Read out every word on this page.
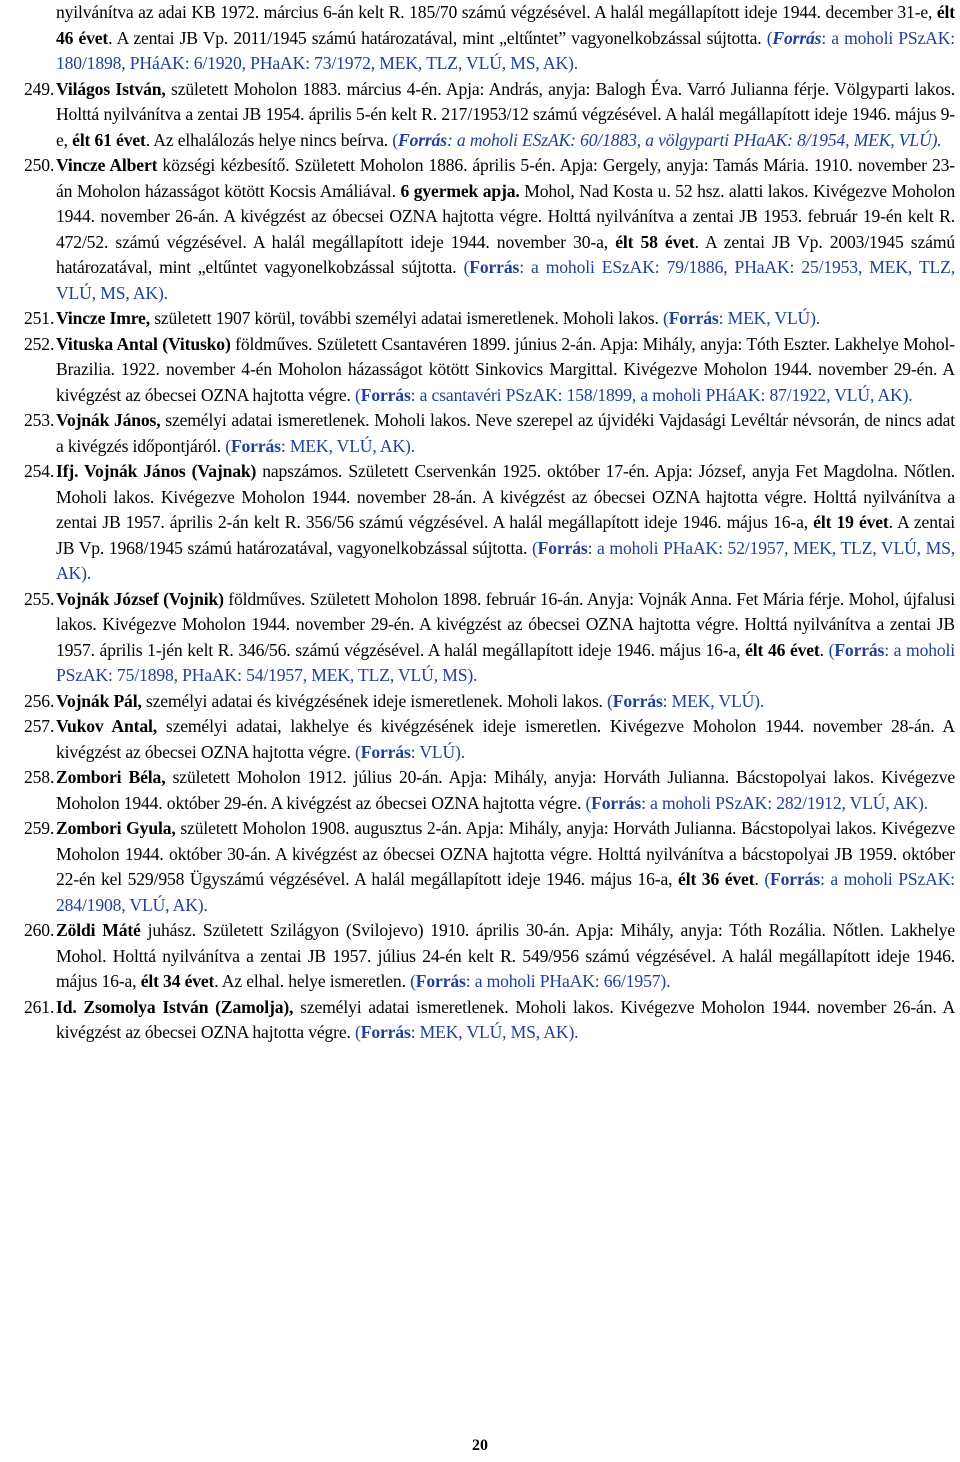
nyilvánítva az adai KB 1972. március 6-án kelt R. 185/70 számú végzésével. A halál megállapított ideje 1944. december 31-e, élt 46 évet. A zentai JB Vp. 2011/1945 számú határozatával, mint „eltűntet” vagyonelkobzással sújtotta. (Forrás: a moholi PSzAK: 180/1898, PHáAK: 6/1920, PHaAK: 73/1972, MEK, TLZ, VLÚ, MS, AK).
249. Világos István, született Moholon 1883. március 4-én. Apja: András, anyja: Balogh Éva. Varró Julianna férje. Völgyparti lakos. Holttá nyilvánítva a zentai JB 1954. április 5-én kelt R. 217/1953/12 számú végzésével. A halál megállapított ideje 1946. május 9-e, élt 61 évet. Az elhalálozás helye nincs beírva. (Forrás: a moholi ESzAK: 60/1883, a völgyparti PHaAK: 8/1954, MEK, VLÚ).
250. Vincze Albert községi kézbesítő. Született Moholon 1886. április 5-én. Apja: Gergely, anyja: Tamás Mária. 1910. november 23-án Moholon házasságot kötött Kocsis Amáliával. 6 gyermek apja. Mohol, Nad Kosta u. 52 hsz. alatti lakos. Kivégezve Moholon 1944. november 26-án. A kivégzést az óbecsei OZNA hajtotta végre. Holttá nyilvánítva a zentai JB 1953. február 19-én kelt R. 472/52. számú végzésével. A halál megállapított ideje 1944. november 30-a, élt 58 évet. A zentai JB Vp. 2003/1945 számú határozatával, mint „eltűntet vagyonelkobzással sújtotta. (Forrás: a moholi ESzAK: 79/1886, PHaAK: 25/1953, MEK, TLZ, VLÚ, MS, AK).
251. Vincze Imre, született 1907 körül, további személyi adatai ismeretlenek. Moholi lakos. (Forrás: MEK, VLÚ).
252. Vituska Antal (Vitusko) földműves. Született Csantavéren 1899. június 2-án. Apja: Mihály, anyja: Tóth Eszter. Lakhelye Mohol-Brazilia. 1922. november 4-én Moholon házasságot kötött Sinkovics Margittal. Kivégezve Moholon 1944. november 29-én. A kivégzést az óbecsei OZNA hajtotta végre. (Forrás: a csantavéri PSzAK: 158/1899, a moholi PHáAK: 87/1922, VLÚ, AK).
253. Vojnák János, személyi adatai ismeretlenek. Moholi lakos. Neve szerepel az újvidéki Vajdasági Levéltár névsorán, de nincs adat a kivégzés időpontjáról. (Forrás: MEK, VLÚ, AK).
254. Ifj. Vojnák János (Vajnak) napszámos. Született Cservenkán 1925. október 17-én. Apja: József, anyja Fet Magdolna. Nőtlen. Moholi lakos. Kivégezve Moholon 1944. november 28-án. A kivégzést az óbecsei OZNA hajtotta végre. Holttá nyilvánítva a zentai JB 1957. április 2-án kelt R. 356/56 számú végzésével. A halál megállapított ideje 1946. május 16-a, élt 19 évet. A zentai JB Vp. 1968/1945 számú határozatával, vagyonelkobzással sújtotta. (Forrás: a moholi PHaAK: 52/1957, MEK, TLZ, VLÚ, MS, AK).
255. Vojnák József (Vojnik) földműves. Született Moholon 1898. február 16-án. Anyja: Vojnák Anna. Fet Mária férje. Mohol, újfalusi lakos. Kivégezve Moholon 1944. november 29-én. A kivégzést az óbecsei OZNA hajtotta végre. Holttá nyilvánítva a zentai JB 1957. április 1-jén kelt R. 346/56. számú végzésével. A halál megállapított ideje 1946. május 16-a, élt 46 évet. (Forrás: a moholi PSzAK: 75/1898, PHaAK: 54/1957, MEK, TLZ, VLÚ, MS).
256. Vojnák Pál, személyi adatai és kivégzésének ideje ismeretlenek. Moholi lakos. (Forrás: MEK, VLÚ).
257. Vukov Antal, személyi adatai, lakhelye és kivégzésének ideje ismeretlen. Kivégezve Moholon 1944. november 28-án. A kivégzést az óbecsei OZNA hajtotta végre. (Forrás: VLÚ).
258. Zombori Béla, született Moholon 1912. július 20-án. Apja: Mihály, anyja: Horváth Julianna. Bácstopolyai lakos. Kivégezve Moholon 1944. október 29-én. A kivégzést az óbecsei OZNA hajtotta végre. (Forrás: a moholi PSzAK: 282/1912, VLÚ, AK).
259. Zombori Gyula, született Moholon 1908. augusztus 2-án. Apja: Mihály, anyja: Horváth Julianna. Bácstopolyai lakos. Kivégezve Moholon 1944. október 30-án. A kivégzést az óbecsei OZNA hajtotta végre. Holttá nyilvánítva a bácstopolyai JB 1959. október 22-én kel 529/958 Ügyszámú végzésével. A halál megállapított ideje 1946. május 16-a, élt 36 évet. (Forrás: a moholi PSzAK: 284/1908, VLÚ, AK).
260. Zöldi Máté juhász. Született Szilágyon (Svilojevo) 1910. április 30-án. Apja: Mihály, anyja: Tóth Rozália. Nőtlen. Lakhelye Mohol. Holttá nyilvánítva a zentai JB 1957. július 24-én kelt R. 549/956 számú végzésével. A halál megállapított ideje 1946. május 16-a, élt 34 évet. Az elhal. helye ismeretlen. (Forrás: a moholi PHaAK: 66/1957).
261. Id. Zsomolya István (Zamolja), személyi adatai ismeretlenek. Moholi lakos. Kivégezve Moholon 1944. november 26-án. A kivégzést az óbecsei OZNA hajtotta végre. (Forrás: MEK, VLÚ, MS, AK).
20
